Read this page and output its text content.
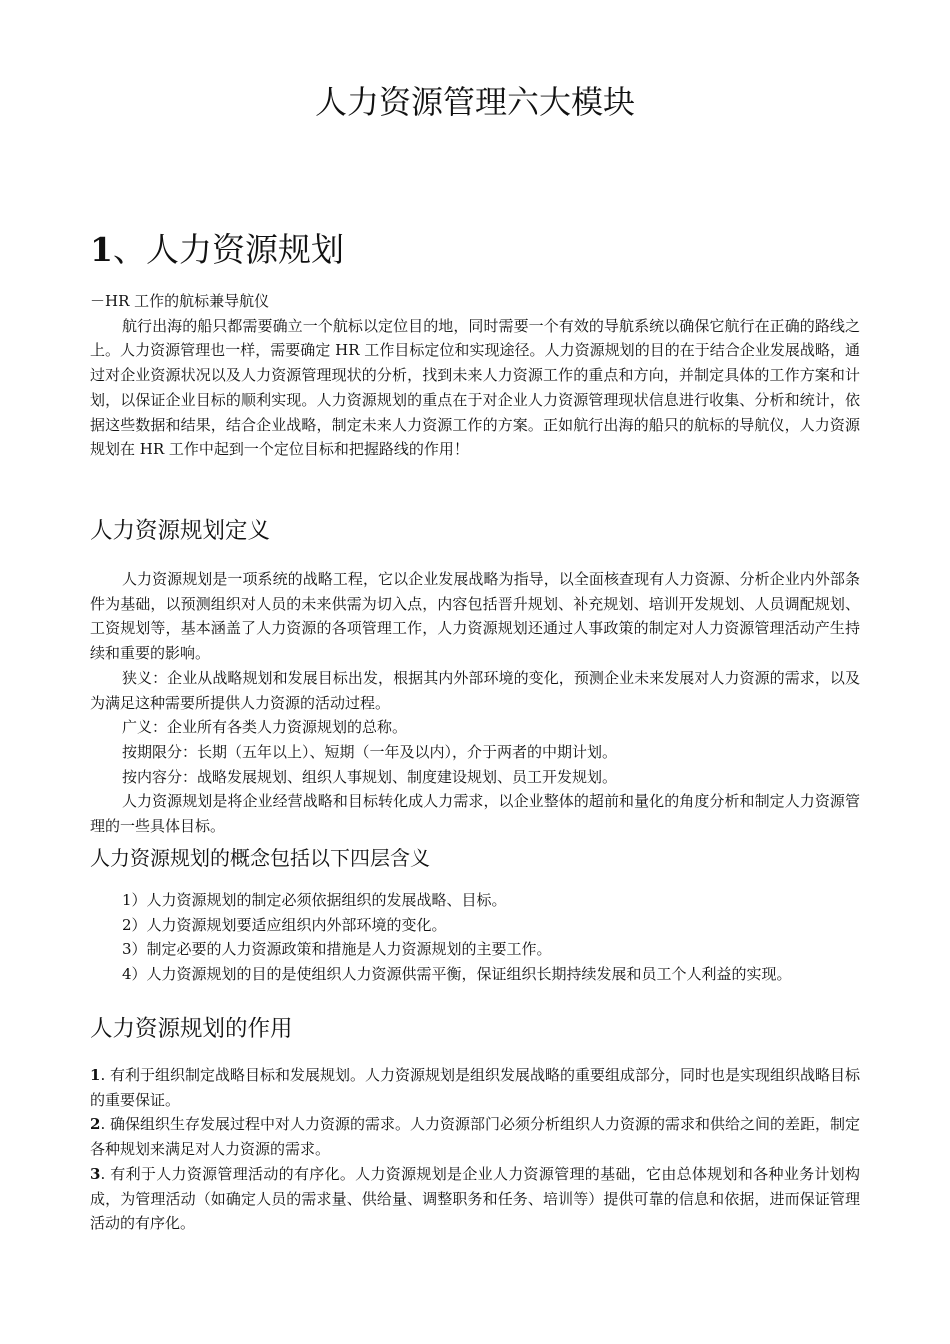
人力资源管理六大模块
1、人力资源规划

－HR 工作的航标兼导航仪

航行出海的船只都需要确立一个航标以定位目的地，同时需要一个有效的导航系统以确保它航行在正确的路线之上。人力资源管理也一样，需要确定 HR 工作目标定位和实现途径。人力资源规划的目的在于结合企业发展战略，通过对企业资源状况以及人力资源管理现状的分析，找到未来人力资源工作的重点和方向，并制定具体的工作方案和计划，以保证企业目标的顺利实现。人力资源规划的重点在于对企业人力资源管理现状信息进行收集、分析和统计，依据这些数据和结果，结合企业战略，制定未来人力资源工作的方案。正如航行出海的船只的航标的导航仪，人力资源规划在 HR 工作中起到一个定位目标和把握路线的作用！

人力资源规划定义

人力资源规划是一项系统的战略工程，它以企业发展战略为指导，以全面核查现有人力资源、分析企业内外部条件为基础，以预测组织对人员的未来供需为切入点，内容包括晋升规划、补充规划、培训开发规划、人员调配规划、工资规划等，基本涵盖了人力资源的各项管理工作，人力资源规划还通过人事政策的制定对人力资源管理活动产生持续和重要的影响。

狭义：企业从战略规划和发展目标出发，根据其内外部环境的变化，预测企业未来发展对人力资源的需求，以及为满足这种需要所提供人力资源的活动过程。

广义：企业所有各类人力资源规划的总称。

按期限分：长期（五年以上）、短期（一年及以内），介于两者的中期计划。

按内容分：战略发展规划、组织人事规划、制度建设规划、员工开发规划。

人力资源规划是将企业经营战略和目标转化成人力需求，以企业整体的超前和量化的角度分析和制定人力资源管理的一些具体目标。

人力资源规划的概念包括以下四层含义

1）人力资源规划的制定必须依据组织的发展战略、目标。

2）人力资源规划要适应组织内外部环境的变化。

3）制定必要的人力资源政策和措施是人力资源规划的主要工作。

4）人力资源规划的目的是使组织人力资源供需平衡，保证组织长期持续发展和员工个人利益的实现。

人力资源规划的作用

1. 有利于组织制定战略目标和发展规划。人力资源规划是组织发展战略的重要组成部分，同时也是实现组织战略目标的重要保证。

2. 确保组织生存发展过程中对人力资源的需求。人力资源部门必须分析组织人力资源的需求和供给之间的差距，制定各种规划来满足对人力资源的需求。

3. 有利于人力资源管理活动的有序化。人力资源规划是企业人力资源管理的基础，它由总体规划和各种业务计划构成，为管理活动（如确定人员的需求量、供给量、调整职务和任务、培训等）提供可靠的信息和依据，进而保证管理活动的有序化。
